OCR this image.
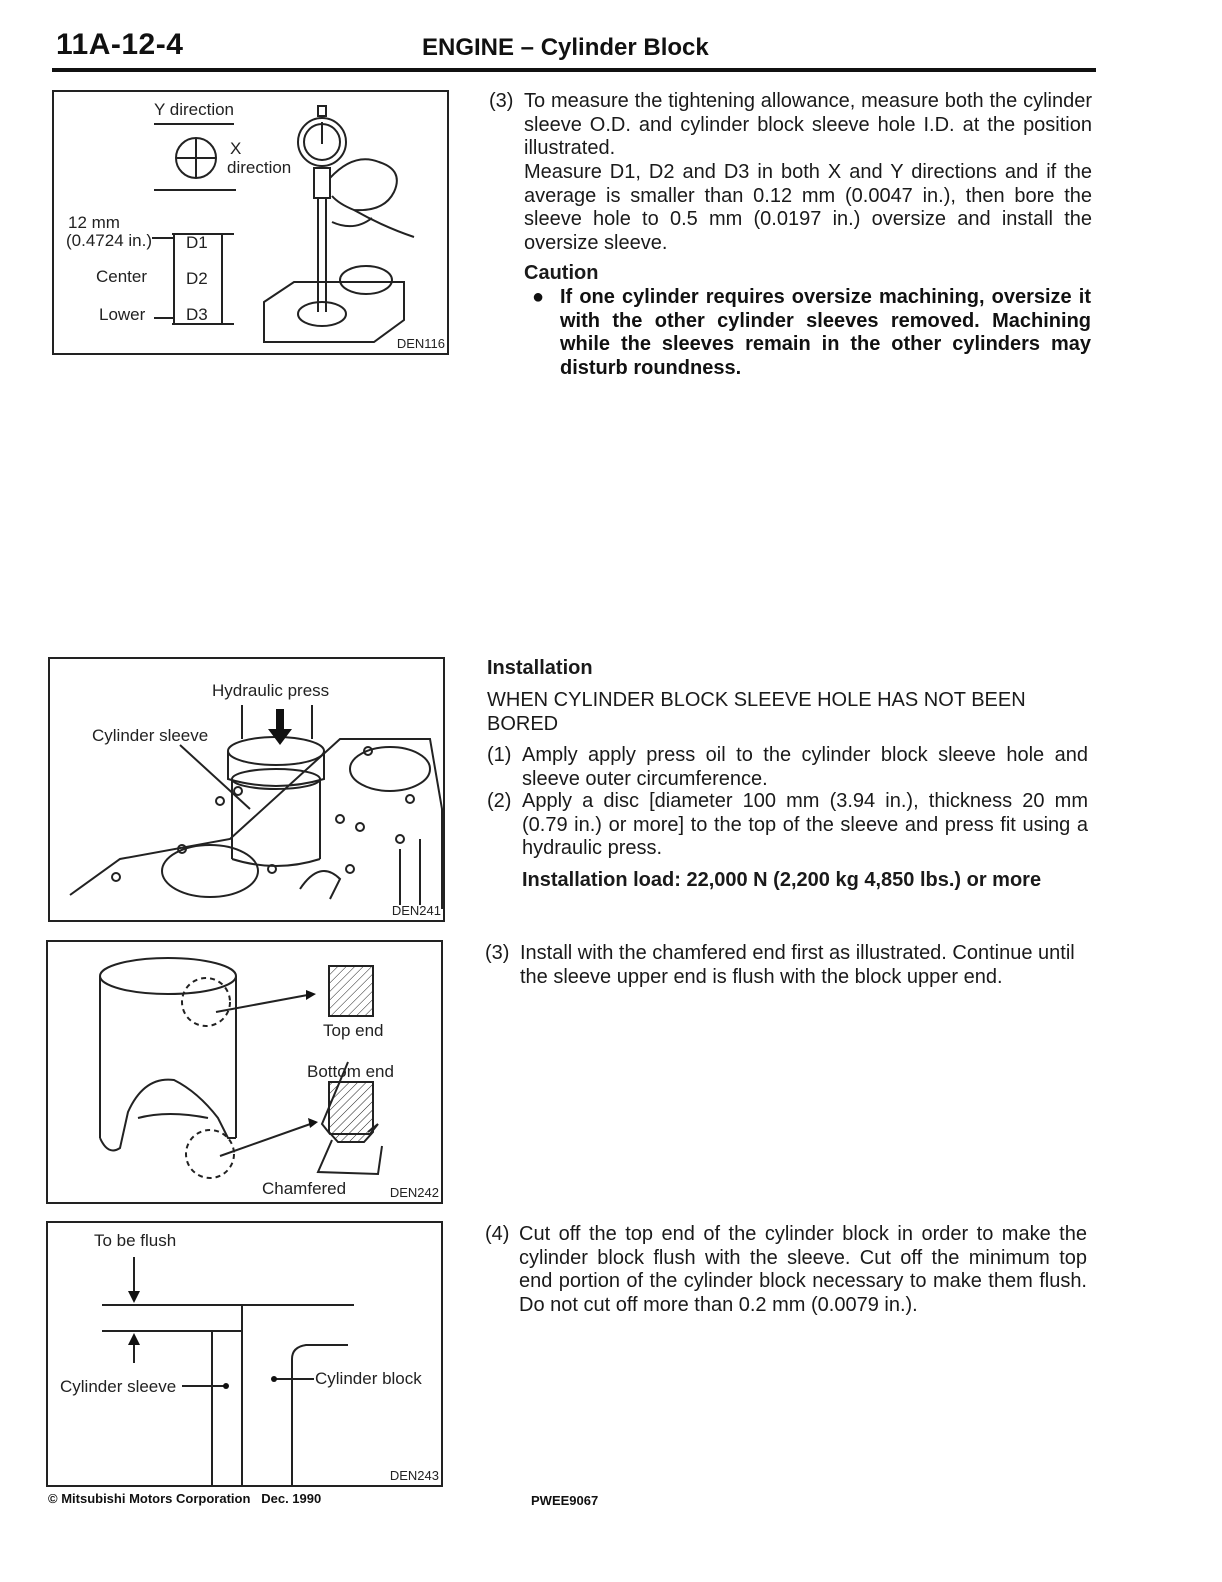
11A-12-4	ENGINE – Cylinder Block
Y direction
X
direction
12 mm
(0.4724 in.)
Center
Lower
D1
D2
D3
DEN116
(3) To measure the tightening allowance, measure both the cylinder sleeve O.D. and cylinder block sleeve hole I.D. at the position illustrated.
Measure D1, D2 and D3 in both X and Y directions and if the average is smaller than 0.12 mm (0.0047 in.), then bore the sleeve hole to 0.5 mm (0.0197 in.) oversize and install the oversize sleeve.
Caution
● If one cylinder requires oversize machining, oversize it with the other cylinder sleeves removed. Machining while the sleeves remain in the other cylinders may disturb roundness.
Hydraulic press
Cylinder sleeve
DEN241
Installation
WHEN CYLINDER BLOCK SLEEVE HOLE HAS NOT BEEN BORED
(1) Amply apply press oil to the cylinder block sleeve hole and sleeve outer circumference.
(2) Apply a disc [diameter 100 mm (3.94 in.), thickness 20 mm (0.79 in.) or more] to the top of the sleeve and press fit using a hydraulic press.
Installation load: 22,000 N (2,200 kg 4,850 lbs.) or more
Top end
Bottom end
Chamfered	DEN242
(3) Install with the chamfered end first as illustrated. Continue until the sleeve upper end is flush with the block upper end.
To be flush
Cylinder sleeve	Cylinder block
DEN243
(4) Cut off the top end of the cylinder block in order to make the cylinder block flush with the sleeve. Cut off the minimum top end portion of the cylinder block necessary to make them flush. Do not cut off more than 0.2 mm (0.0079 in.).
© Mitsubishi Motors Corporation   Dec. 1990	PWEE9067
